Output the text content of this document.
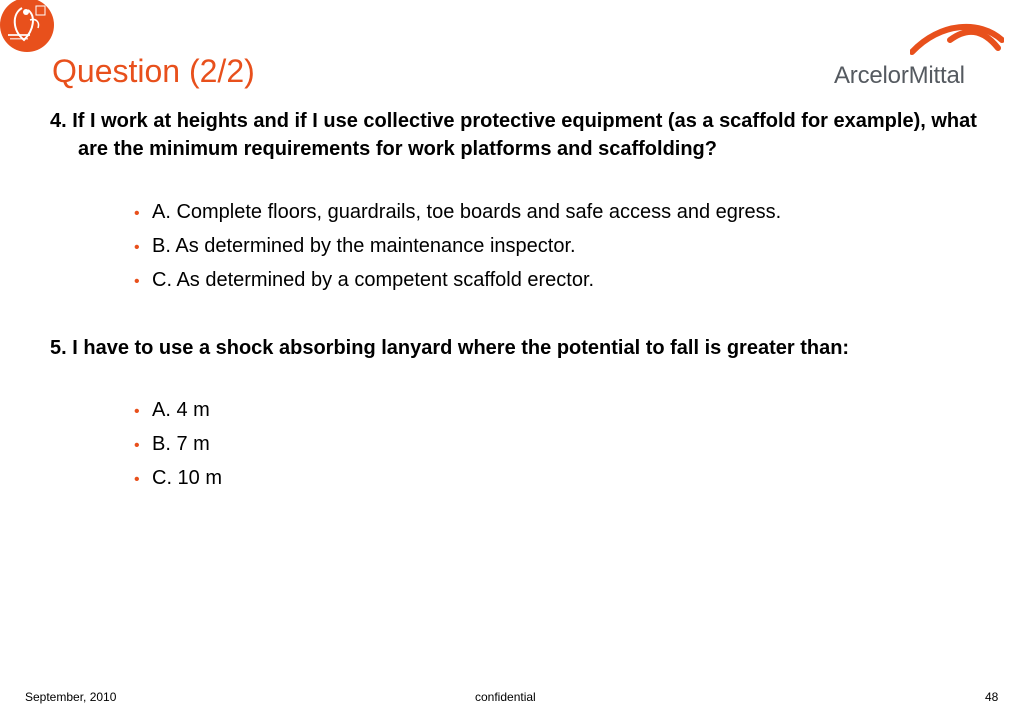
ArcelorMittal
Question (2/2)
4. If I work at heights and if I use collective protective equipment (as a scaffold for example), what are the minimum requirements for work platforms and scaffolding?
• A. Complete floors, guardrails, toe boards and safe access and egress.
• B. As determined by the maintenance inspector.
• C. As determined by a competent scaffold erector.
5. I have to use a shock absorbing lanyard where the potential to fall is greater than:
• A. 4 m
• B. 7 m
• C. 10 m
September, 2010	confidential	48
